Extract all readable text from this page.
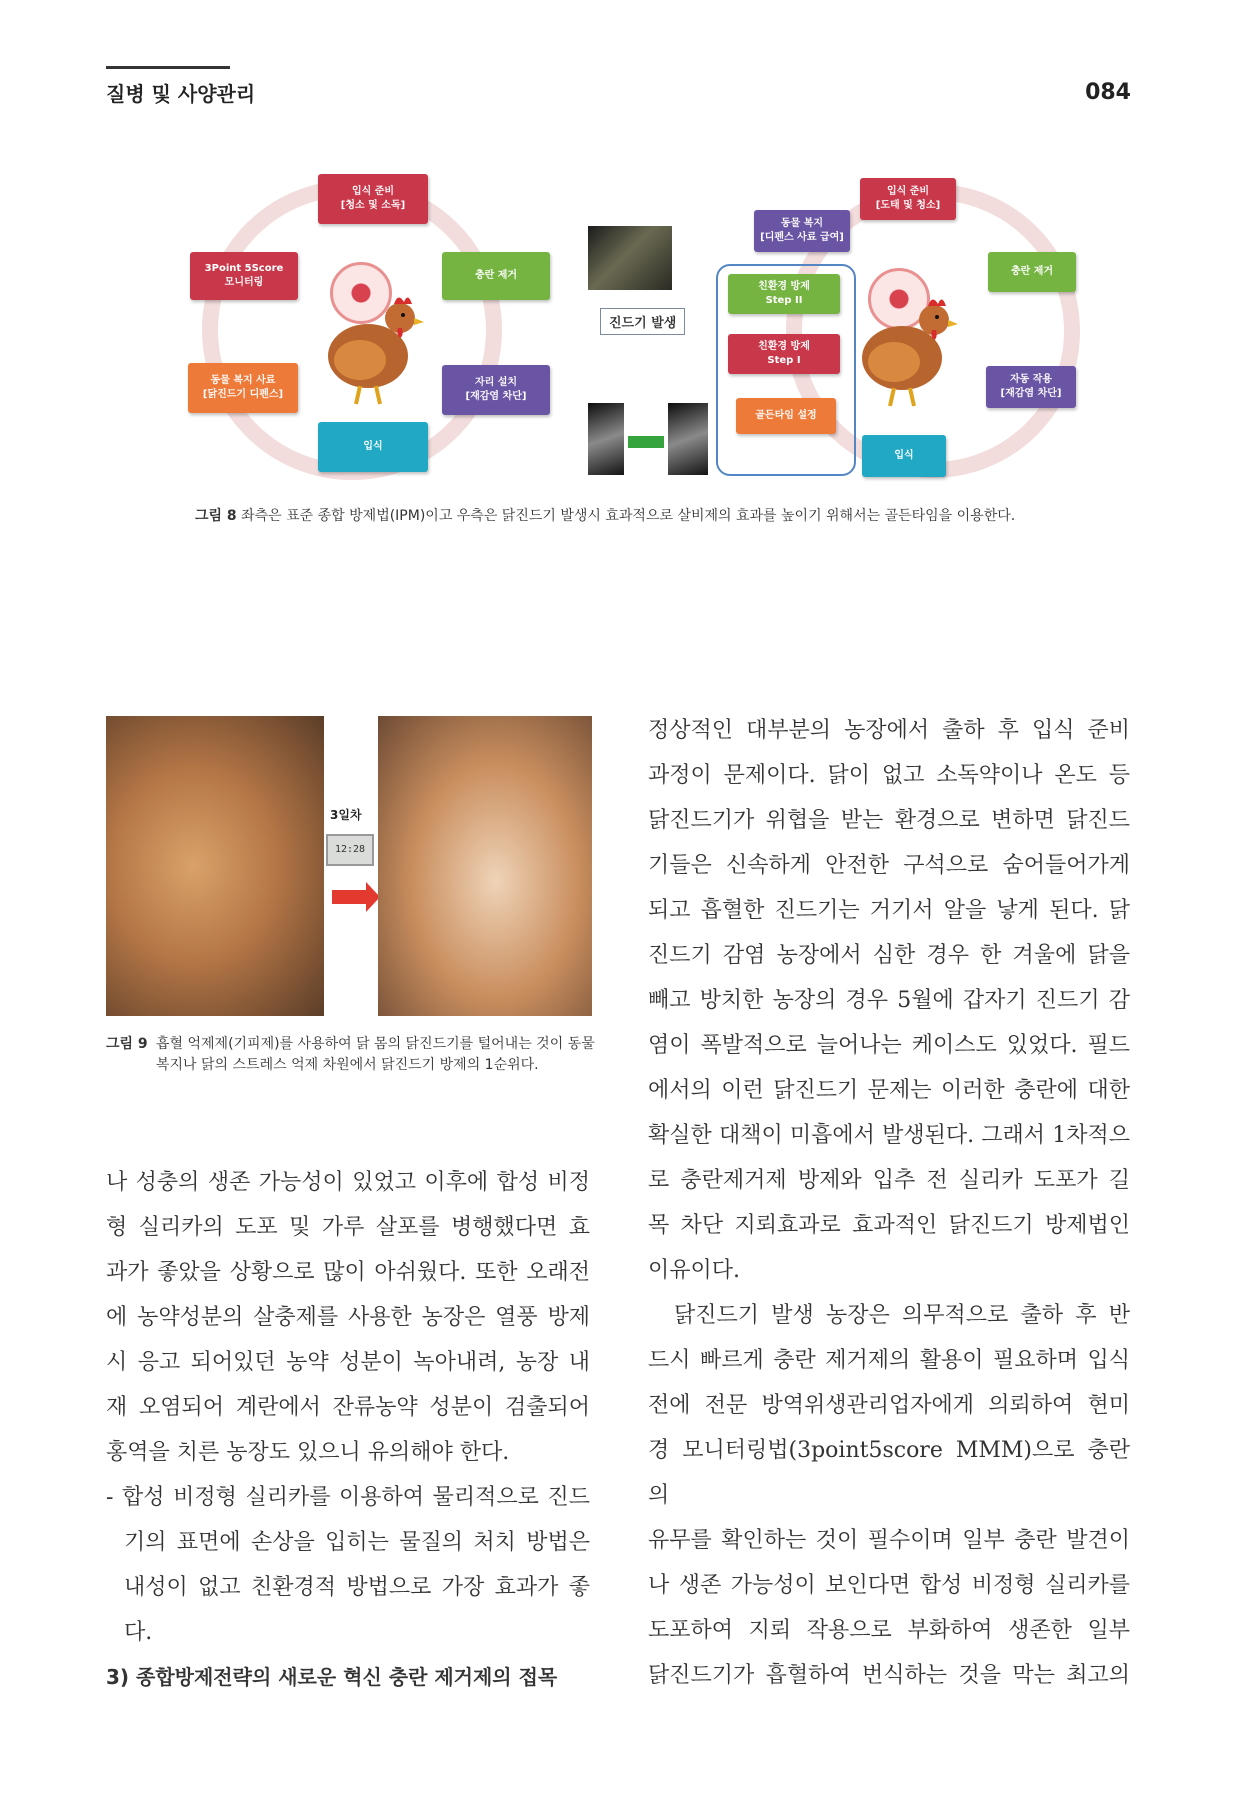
질병 및 사양관리	084
입식 준비
[청소 및 소독]
충란 제거
자리 설치
[재감염 차단]
입식
동물 복지 사료
[닭진드기 디펜스]
3Point 5Score
모니터링
진드기 발생
입식 준비
[도태 및 청소]
동물 복지
[디펜스 사료 급여]
충란 제거
자동 작용
[재감염 차단]
입식
친환경 방제
Step II
친환경 방제
Step I
골든타임 설정
그림 8 좌측은 표준 종합 방제법(IPM)이고 우측은 닭진드기 발생시 효과적으로 살비제의 효과를 높이기 위해서는 골든타임을 이용한다.
3일차
12:28
그림 9 흡혈 억제제(기피제)를 사용하여 닭 몸의 닭진드기를 털어내는 것이 동물복지나 닭의 스트레스 억제 차원에서 닭진드기 방제의 1순위다.

정상적인 대부분의 농장에서 출하 후 입식 준비

과정이 문제이다. 닭이 없고 소독약이나 온도 등

닭진드기가 위협을 받는 환경으로 변하면 닭진드

기들은 신속하게 안전한 구석으로 숨어들어가게

되고 흡혈한 진드기는 거기서 알을 낳게 된다. 닭

진드기 감염 농장에서 심한 경우 한 겨울에 닭을

빼고 방치한 농장의 경우 5월에 갑자기 진드기 감

염이 폭발적으로 늘어나는 케이스도 있었다. 필드

에서의 이런 닭진드기 문제는 이러한 충란에 대한

확실한 대책이 미흡에서 발생된다. 그래서 1차적으

로 충란제거제 방제와 입추 전 실리카 도포가 길

목 차단 지뢰효과로 효과적인 닭진드기 방제법인

이유이다.

닭진드기 발생 농장은 의무적으로 출하 후 반

드시 빠르게 충란 제거제의 활용이 필요하며 입식

전에 전문 방역위생관리업자에게 의뢰하여 현미

경 모니터링법(3point5score MMM)으로 충란의

유무를 확인하는 것이 필수이며 일부 충란 발견이

나 생존 가능성이 보인다면 합성 비정형 실리카를

도포하여 지뢰 작용으로 부화하여 생존한 일부

닭진드기가 흡혈하여 번식하는 것을 막는 최고의

나 성충의 생존 가능성이 있었고 이후에 합성 비정

형 실리카의 도포 및 가루 살포를 병행했다면 효

과가 좋았을 상황으로 많이 아쉬웠다. 또한 오래전

에 농약성분의 살충제를 사용한 농장은 열풍 방제

시 응고 되어있던 농약 성분이 녹아내려, 농장 내

재 오염되어 계란에서 잔류농약 성분이 검출되어

홍역을 치른 농장도 있으니 유의해야 한다.

- 합성 비정형 실리카를 이용하여 물리적으로 진드

기의 표면에 손상을 입히는 물질의 처치 방법은

내성이 없고 친환경적 방법으로 가장 효과가 좋다.

3) 종합방제전략의 새로운 혁신 충란 제거제의 접목
